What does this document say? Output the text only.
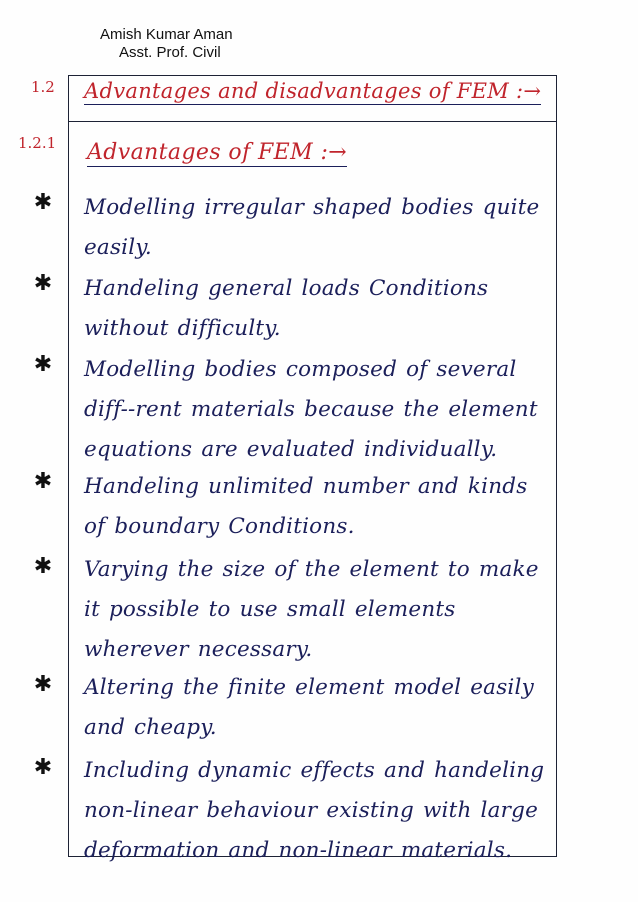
Amish Kumar Aman
Asst. Prof. Civil
1.2 Advantages and disadvantages of FEM :→
1.2.1 Advantages of FEM :→
✱ Modelling irregular shaped bodies quite easily.
✱ Handeling general loads Conditions without difficulty.
✱ Modelling bodies composed of several diff--rent materials because the element equations are evaluated individually.
✱ Handeling unlimited number and kinds of boundary Conditions.
✱ Varying the size of the element to make it possible to use small elements wherever necessary.
✱ Altering the finite element model easily and cheapy.
✱ Including dynamic effects and handeling non-linear behaviour existing with large deformation and non-linear materials.
